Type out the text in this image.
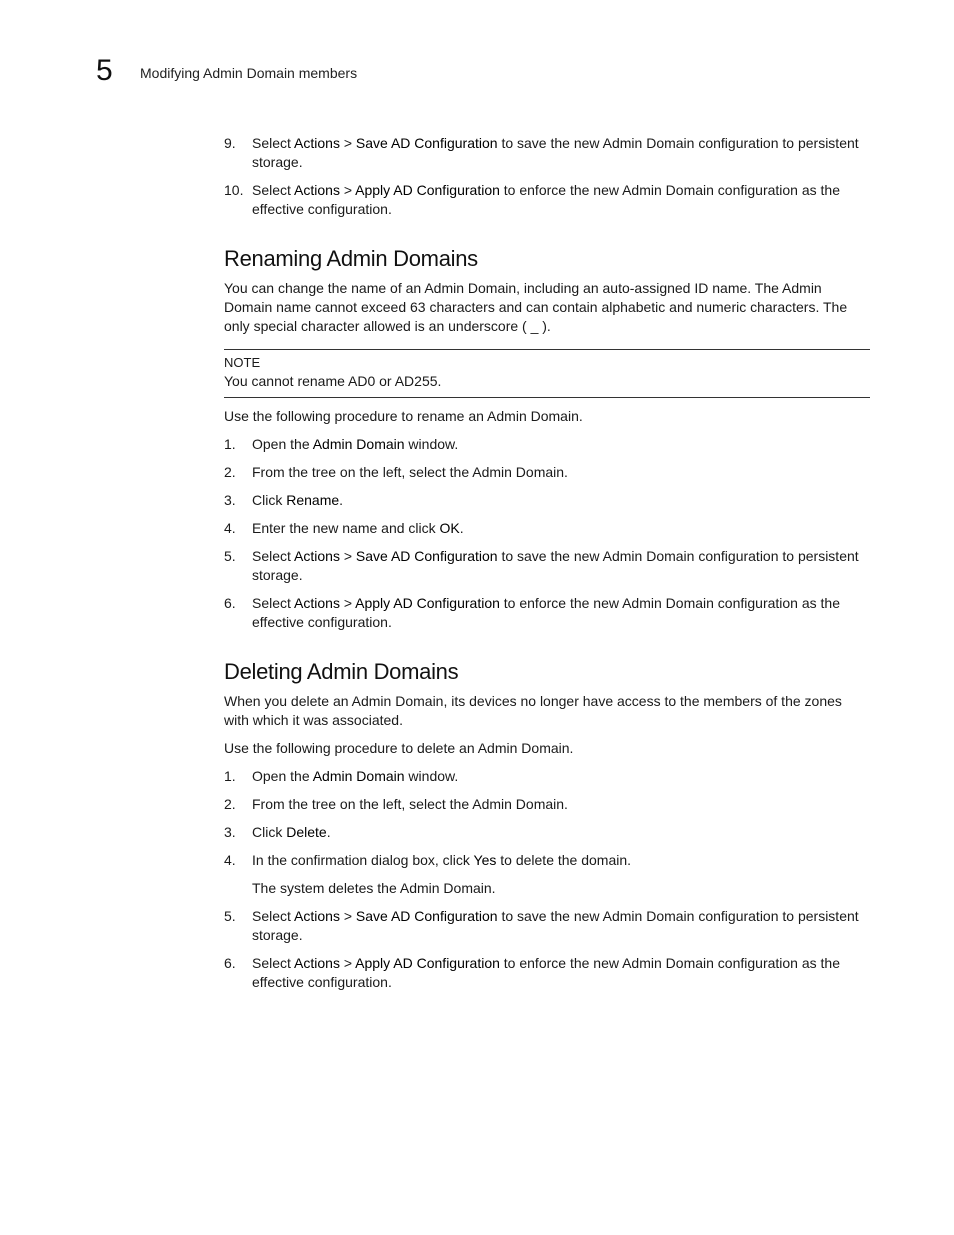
5 Modifying Admin Domain members
9. Select Actions > Save AD Configuration to save the new Admin Domain configuration to persistent storage.
10. Select Actions > Apply AD Configuration to enforce the new Admin Domain configuration as the effective configuration.
Renaming Admin Domains

You can change the name of an Admin Domain, including an auto-assigned ID name. The Admin Domain name cannot exceed 63 characters and can contain alphabetic and numeric characters. The only special character allowed is an underscore ( _ ).

NOTE
You cannot rename AD0 or AD255.

Use the following procedure to rename an Admin Domain.

1. Open the Admin Domain window.
2. From the tree on the left, select the Admin Domain.
3. Click Rename.
4. Enter the new name and click OK.
5. Select Actions > Save AD Configuration to save the new Admin Domain configuration to persistent storage.
6. Select Actions > Apply AD Configuration to enforce the new Admin Domain configuration as the effective configuration.
Deleting Admin Domains

When you delete an Admin Domain, its devices no longer have access to the members of the zones with which it was associated.

Use the following procedure to delete an Admin Domain.

1. Open the Admin Domain window.
2. From the tree on the left, select the Admin Domain.
3. Click Delete.
4. In the confirmation dialog box, click Yes to delete the domain.
The system deletes the Admin Domain.
5. Select Actions > Save AD Configuration to save the new Admin Domain configuration to persistent storage.
6. Select Actions > Apply AD Configuration to enforce the new Admin Domain configuration as the effective configuration.
